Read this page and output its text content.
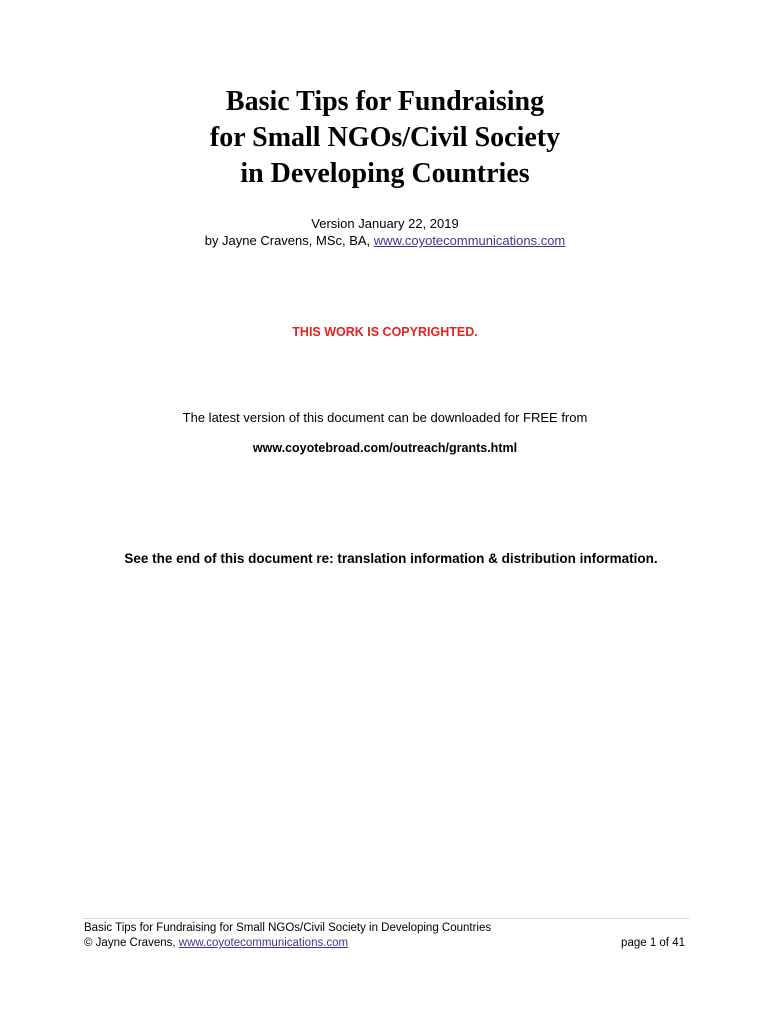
Basic Tips for Fundraising
for Small NGOs/Civil Society
in Developing Countries
Version January 22, 2019
by Jayne Cravens, MSc, BA, www.coyotecommunications.com
THIS WORK IS COPYRIGHTED.
The latest version of this document can be downloaded for FREE from
www.coyotebroad.com/outreach/grants.html
See the end of this document re: translation information & distribution information.
Basic Tips for Fundraising for Small NGOs/Civil Society in Developing Countries
© Jayne Cravens, www.coyotecommunications.com	page 1 of 41
